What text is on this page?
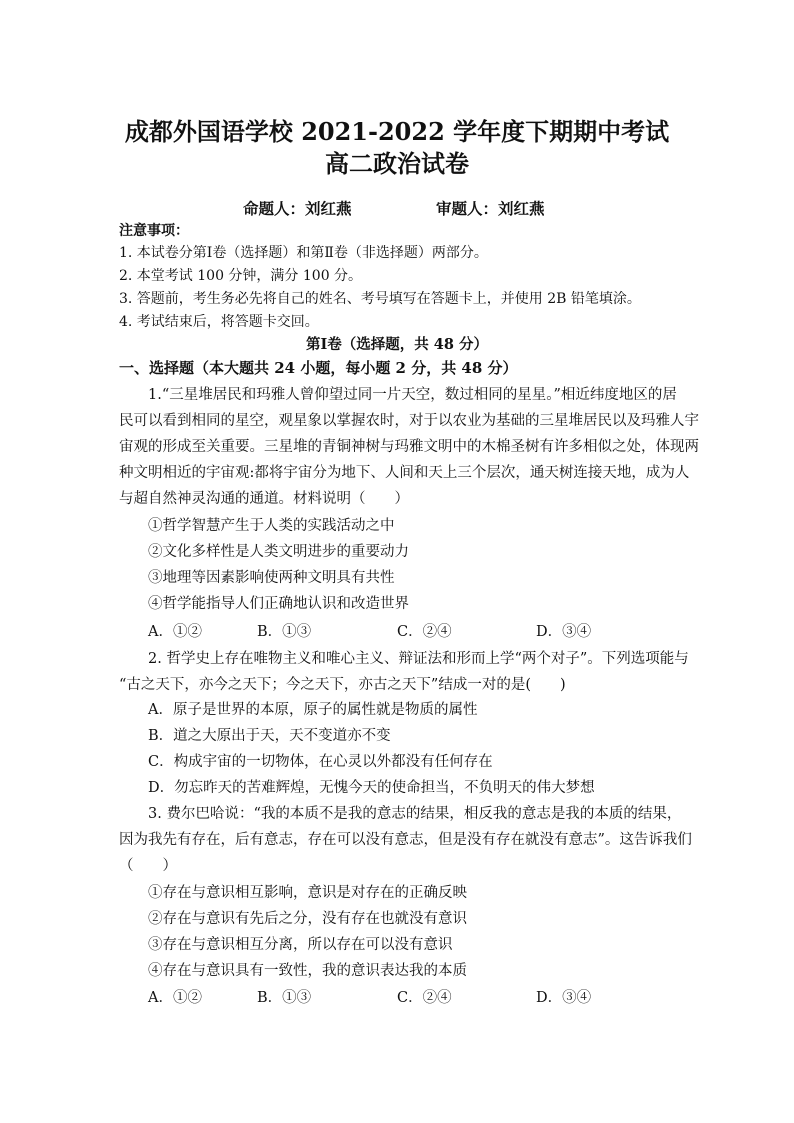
成都外国语学校 2021-2022 学年度下期期中考试
高二政治试卷
命题人：刘红燕	审题人：刘红燕
注意事项：
1. 本试卷分第Ⅰ卷（选择题）和第Ⅱ卷（非选择题）两部分。
2. 本堂考试 100 分钟，满分 100 分。
3. 答题前，考生务必先将自己的姓名、考号填写在答题卡上，并使用 2B 铅笔填涂。
4. 考试结束后，将答题卡交回。
第Ⅰ卷（选择题，共 48 分）
一、选择题（本大题共 24 小题，每小题 2 分，共 48 分）
1.“三星堆居民和玛雅人曾仰望过同一片天空，数过相同的星星。”相近纬度地区的居
民可以看到相同的星空，观星象以掌握农时，对于以农业为基础的三星堆居民以及玛雅人宇
宙观的形成至关重要。三星堆的青铜神树与玛雅文明中的木棉圣树有许多相似之处，体现两
种文明相近的宇宙观:都将宇宙分为地下、人间和天上三个层次，通天树连接天地，成为人
与超自然神灵沟通的通道。材料说明（　　）
①哲学智慧产生于人类的实践活动之中
②文化多样性是人类文明进步的重要动力
③地理等因素影响使两种文明具有共性
④哲学能指导人们正确地认识和改造世界
A．①②	B．①③	C．②④	D．③④
2. 哲学史上存在唯物主义和唯心主义、辩证法和形而上学“两个对子”。下列选项能与
“古之天下，亦今之天下；今之天下，亦古之天下”结成一对的是(　　)
A．原子是世界的本原，原子的属性就是物质的属性
B．道之大原出于天，天不变道亦不变
C．构成宇宙的一切物体，在心灵以外都没有任何存在
D．勿忘昨天的苦难辉煌，无愧今天的使命担当，不负明天的伟大梦想
3. 费尔巴哈说：“我的本质不是我的意志的结果，相反我的意志是我的本质的结果，
因为我先有存在，后有意志，存在可以没有意志，但是没有存在就没有意志”。这告诉我们
（　　）
①存在与意识相互影响，意识是对存在的正确反映
②存在与意识有先后之分，没有存在也就没有意识
③存在与意识相互分离，所以存在可以没有意识
④存在与意识具有一致性，我的意识表达我的本质
A．①②	B．①③	C．②④	D．③④
